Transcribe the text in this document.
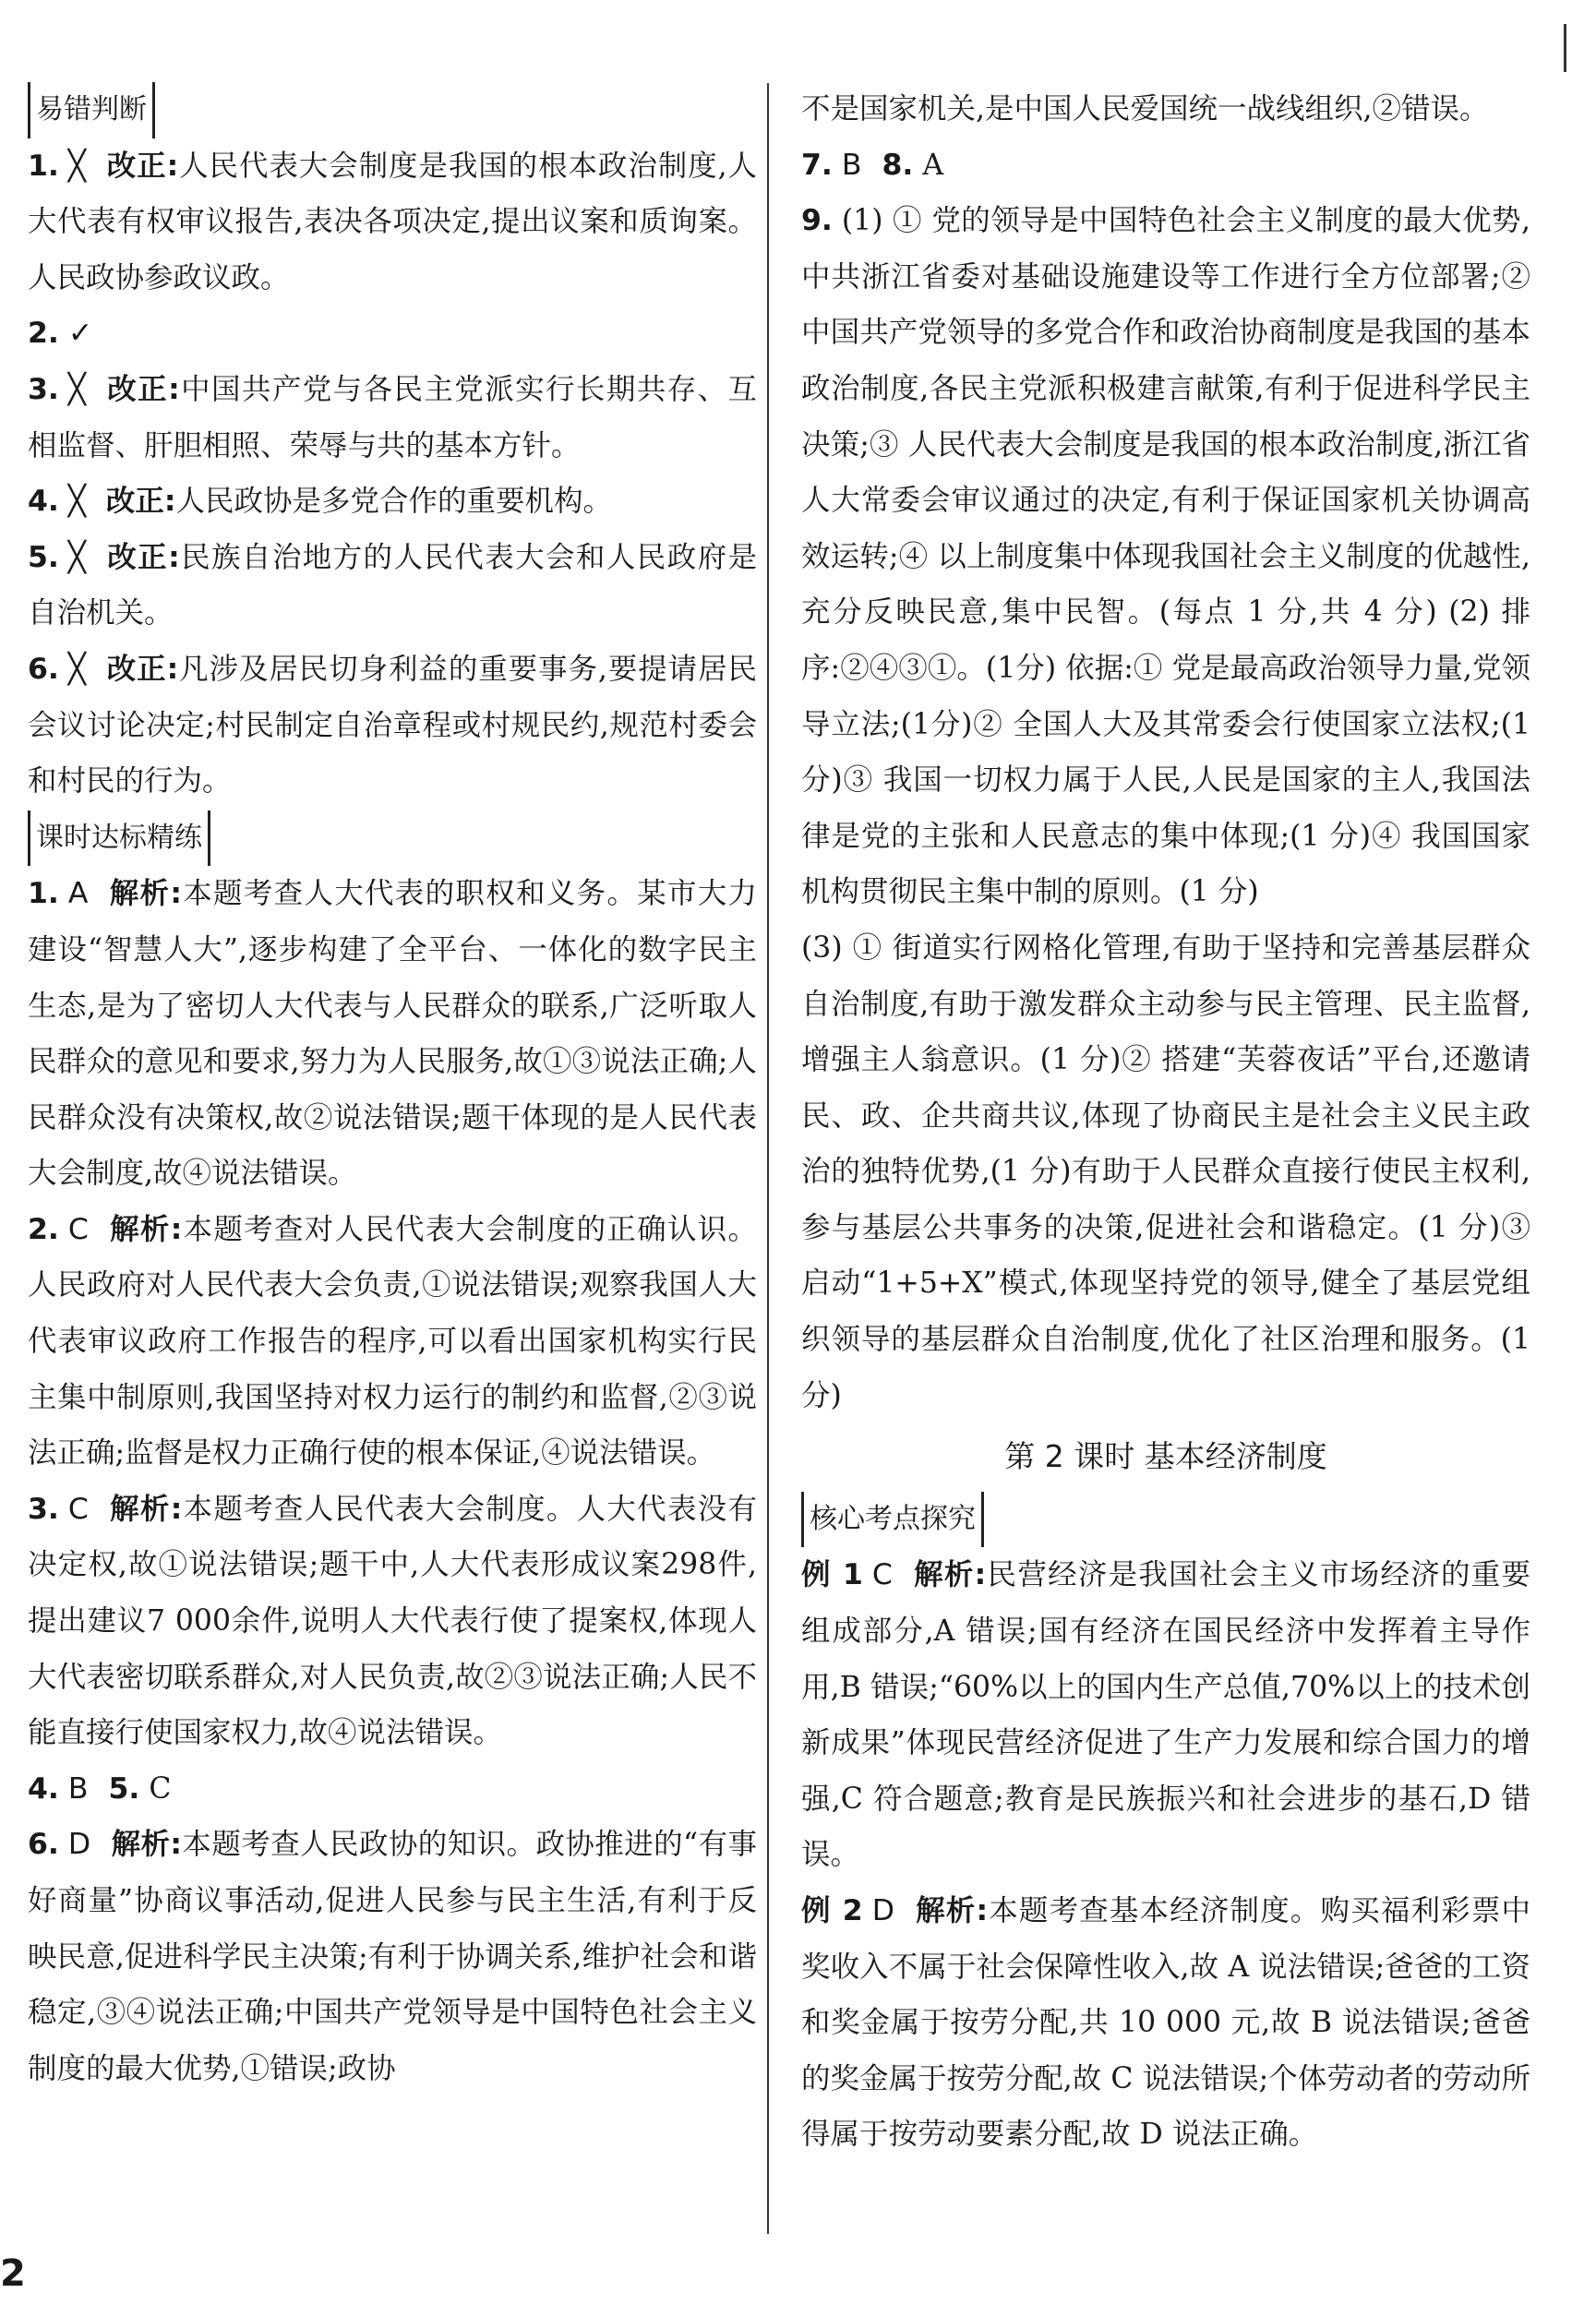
易错判断

1. ╳ 改正:人民代表大会制度是我国的根本政治制度,人大代表有权审议报告,表决各项决定,提出议案和质询案。人民政协参政议政。

2. ✓

3. ╳ 改正:中国共产党与各民主党派实行长期共存、互相监督、肝胆相照、荣辱与共的基本方针。

4. ╳ 改正:人民政协是多党合作的重要机构。

5. ╳ 改正:民族自治地方的人民代表大会和人民政府是自治机关。

6. ╳ 改正:凡涉及居民切身利益的重要事务,要提请居民会议讨论决定;村民制定自治章程或村规民约,规范村委会和村民的行为。

课时达标精练

1. A 解析:本题考查人大代表的职权和义务。某市大力建设“智慧人大”,逐步构建了全平台、一体化的数字民主生态,是为了密切人大代表与人民群众的联系,广泛听取人民群众的意见和要求,努力为人民服务,故①③说法正确;人民群众没有决策权,故②说法错误;题干体现的是人民代表大会制度,故④说法错误。

2. C 解析:本题考查对人民代表大会制度的正确认识。人民政府对人民代表大会负责,①说法错误;观察我国人大代表审议政府工作报告的程序,可以看出国家机构实行民主集中制原则,我国坚持对权力运行的制约和监督,②③说法正确;监督是权力正确行使的根本保证,④说法错误。

3. C 解析:本题考查人民代表大会制度。人大代表没有决定权,故①说法错误;题干中,人大代表形成议案298件,提出建议7 000余件,说明人大代表行使了提案权,体现人大代表密切联系群众,对人民负责,故②③说法正确;人民不能直接行使国家权力,故④说法错误。

4. B 5. C

6. D 解析:本题考查人民政协的知识。政协推进的“有事好商量”协商议事活动,促进人民参与民主生活,有利于反映民意,促进科学民主决策;有利于协调关系,维护社会和谐稳定,③④说法正确;中国共产党领导是中国特色社会主义制度的最大优势,①错误;政协

不是国家机关,是中国人民爱国统一战线组织,②错误。

7. B 8. A

9. (1) ① 党的领导是中国特色社会主义制度的最大优势,中共浙江省委对基础设施建设等工作进行全方位部署;② 中国共产党领导的多党合作和政治协商制度是我国的基本政治制度,各民主党派积极建言献策,有利于促进科学民主决策;③ 人民代表大会制度是我国的根本政治制度,浙江省人大常委会审议通过的决定,有利于保证国家机关协调高效运转;④ 以上制度集中体现我国社会主义制度的优越性,充分反映民意,集中民智。(每点 1 分,共 4 分) (2) 排序:②④③①。(1分) 依据:① 党是最高政治领导力量,党领导立法;(1分)② 全国人大及其常委会行使国家立法权;(1分)③ 我国一切权力属于人民,人民是国家的主人,我国法律是党的主张和人民意志的集中体现;(1 分)④ 我国国家机构贯彻民主集中制的原则。(1 分)

(3) ① 街道实行网格化管理,有助于坚持和完善基层群众自治制度,有助于激发群众主动参与民主管理、民主监督,增强主人翁意识。(1 分)② 搭建“芙蓉夜话”平台,还邀请民、政、企共商共议,体现了协商民主是社会主义民主政治的独特优势,(1 分)有助于人民群众直接行使民主权利,参与基层公共事务的决策,促进社会和谐稳定。(1 分)③ 启动“1+5+X”模式,体现坚持党的领导,健全了基层党组织领导的基层群众自治制度,优化了社区治理和服务。(1 分)

第 2 课时 基本经济制度

核心考点探究

例 1 C 解析:民营经济是我国社会主义市场经济的重要组成部分,A 错误;国有经济在国民经济中发挥着主导作用,B 错误;“60%以上的国内生产总值,70%以上的技术创新成果”体现民营经济促进了生产力发展和综合国力的增强,C 符合题意;教育是民族振兴和社会进步的基石,D 错误。

例 2 D 解析:本题考查基本经济制度。购买福利彩票中奖收入不属于社会保障性收入,故 A 说法错误;爸爸的工资和奖金属于按劳分配,共 10 000 元,故 B 说法错误;爸爸的奖金属于按劳分配,故 C 说法错误;个体劳动者的劳动所得属于按劳动要素分配,故 D 说法正确。

2
